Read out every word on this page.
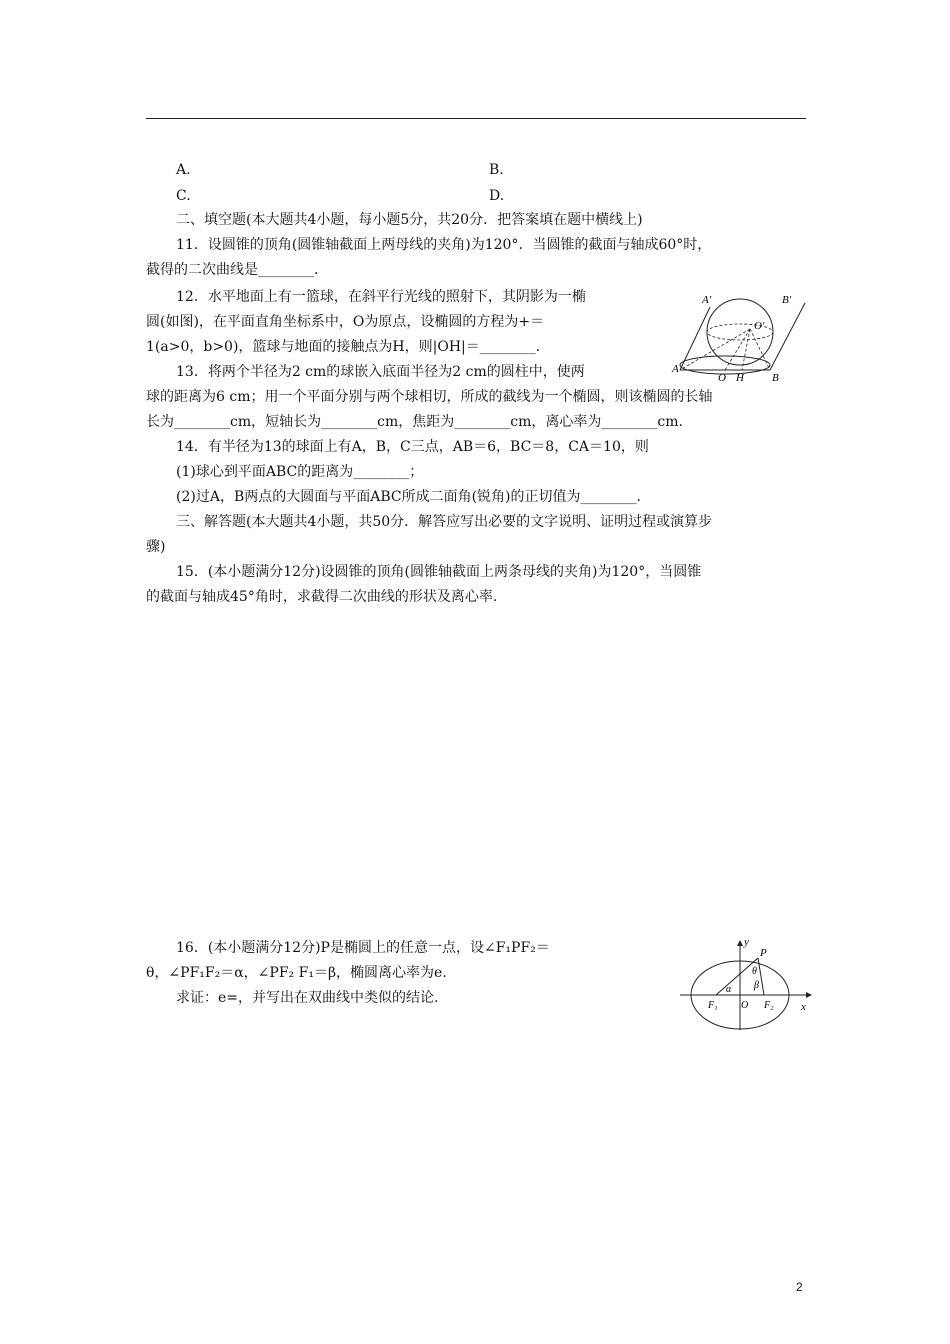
A.	B.
C.	D.
二、填空题(本大题共4小题，每小题5分，共20分．把答案填在题中横线上)
11．设圆锥的顶角(圆锥轴截面上两母线的夹角)为120°．当圆锥的截面与轴成60°时，
截得的二次曲线是________．
12．水平地面上有一篮球，在斜平行光线的照射下，其阴影为一椭
圆(如图)，在平面直角坐标系中，O为原点，设椭圆的方程为+＝
1(a>0，b>0)，篮球与地面的接触点为H，则|OH|＝________．
13．将两个半径为2 cm的球嵌入底面半径为2 cm的圆柱中，使两
球的距离为6 cm；用一个平面分别与两个球相切，所成的截线为一个椭圆，则该椭圆的长轴
长为________cm，短轴长为________cm，焦距为________cm，离心率为________cm.
14．有半径为13的球面上有A，B，C三点，AB＝6，BC＝8，CA＝10，则
(1)球心到平面ABC的距离为________；
(2)过A，B两点的大圆面与平面ABC所成二面角(锐角)的正切值为________．
三、解答题(本大题共4小题，共50分．解答应写出必要的文字说明、证明过程或演算步
骤)
15．(本小题满分12分)设圆锥的顶角(圆锥轴截面上两条母线的夹角)为120°，当圆锥
的截面与轴成45°角时，求截得二次曲线的形状及离心率.
16．(本小题满分12分)P是椭圆上的任意一点，设∠F₁PF₂＝
θ，∠PF₁F₂＝α，∠PF₂ F₁＝β，椭圆离心率为e.
求证：e=，并写出在双曲线中类似的结论.
A′	B′
O′
A
O H	B
y
x
P
θ
α β
F₁ O F₂
2
